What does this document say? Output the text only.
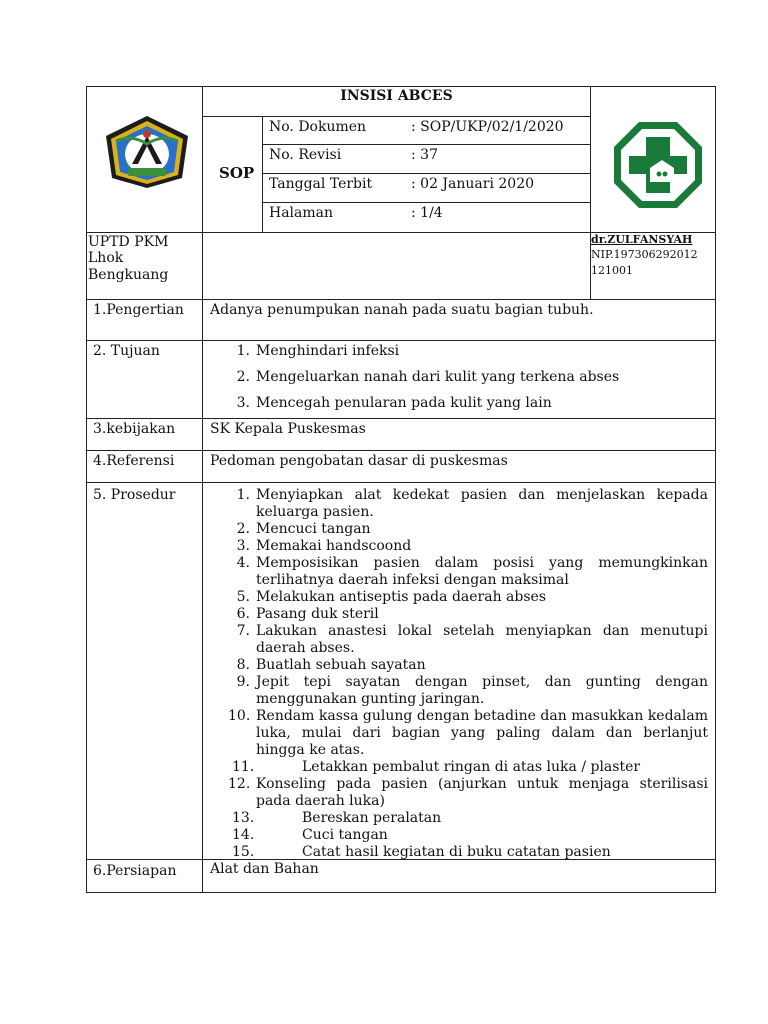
INSISI ABCES
SOP
No. Dokumen	: SOP/UKP/02/1/2020
No. Revisi	: 37
Tanggal Terbit	: 02 Januari 2020
Halaman	: 1/4
UPTD PKM
Lhok
Bengkuang
dr.ZULFANSYAH
NIP.197306292012
121001
1.Pengertian Adanya penumpukan nanah pada suatu bagian tubuh.
2. Tujuan	1. Menghindari infeksi
2. Mengeluarkan nanah dari kulit yang terkena abses
3. Mencegah penularan pada kulit yang lain
3.kebijakan SK Kepala Puskesmas
4.Referensi	Pedoman pengobatan dasar di puskesmas
5. Prosedur	1. Menyiapkan alat kedekat pasien dan menjelaskan kepada keluarga pasien.
2. Mencuci tangan
3. Memakai handscoond
4. Memposisikan pasien dalam posisi yang memungkinkan terlihatnya daerah infeksi dengan maksimal
5. Melakukan antiseptis pada daerah abses
6. Pasang duk steril
7. Lakukan anastesi lokal setelah menyiapkan dan menutupi daerah abses.
8. Buatlah sebuah sayatan
9. Jepit tepi sayatan dengan pinset, dan gunting dengan menggunakan gunting jaringan.
10. Rendam kassa gulung dengan betadine dan masukkan kedalam luka, mulai dari bagian yang paling dalam dan berlanjut hingga ke atas.
11.	Letakkan pembalut ringan di atas luka / plaster
12. Konseling pada pasien (anjurkan untuk menjaga sterilisasi pada daerah luka)
13.	Bereskan peralatan
14.	Cuci tangan
15.	Catat hasil kegiatan di buku catatan pasien
6.Persiapan Alat dan Bahan
